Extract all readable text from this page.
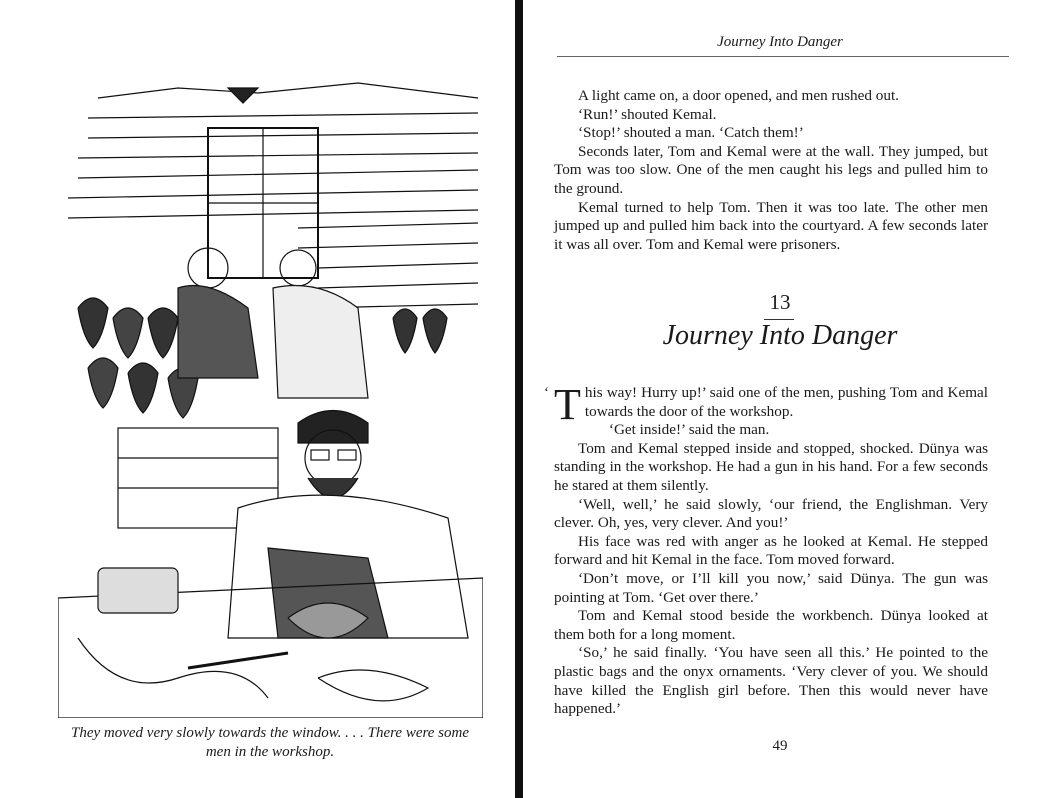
They moved very slowly towards the window. . . . There were some
men in the workshop.
Journey Into Danger

A light came on, a door opened, and men rushed out.

‘Run!’ shouted Kemal.

‘Stop!’ shouted a man. ‘Catch them!’

Seconds later, Tom and Kemal were at the wall. They jumped, but Tom was too slow. One of the men caught his legs and pulled him to the ground.

Kemal turned to help Tom. Then it was too late. The other men jumped up and pulled him back into the courtyard. A few seconds later it was all over. Tom and Kemal were prisoners.

13
Journey Into Danger

‘ T his way! Hurry up!’ said one of the men, pushing Tom and Kemal towards the door of the workshop.

‘Get inside!’ said the man.

Tom and Kemal stepped inside and stopped, shocked. Dünya was standing in the workshop. He had a gun in his hand. For a few seconds he stared at them silently.

‘Well, well,’ he said slowly, ‘our friend, the Englishman. Very clever. Oh, yes, very clever. And you!’

His face was red with anger as he looked at Kemal. He stepped forward and hit Kemal in the face. Tom moved forward.

‘Don’t move, or I’ll kill you now,’ said Dünya. The gun was pointing at Tom. ‘Get over there.’

Tom and Kemal stood beside the workbench. Dünya looked at them both for a long moment.

‘So,’ he said finally. ‘You have seen all this.’ He pointed to the plastic bags and the onyx ornaments. ‘Very clever of you. We should have killed the English girl before. Then this would never have happened.’

49
